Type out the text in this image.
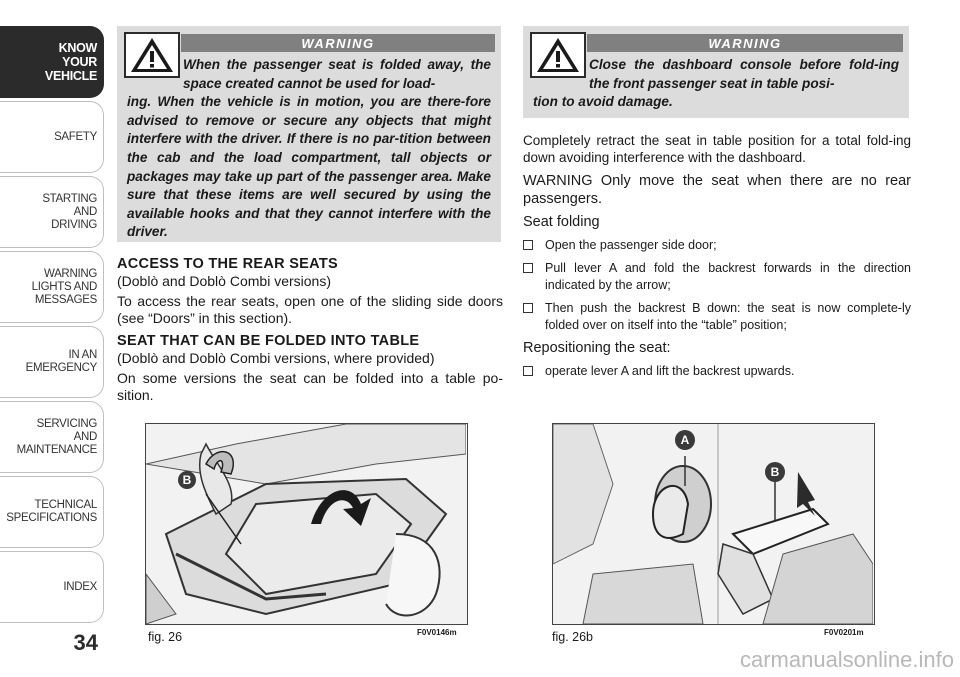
KNOW
YOUR
VEHICLE
SAFETY
STARTING
AND
DRIVING
WARNING
LIGHTS AND
MESSAGES
IN AN
EMERGENCY
SERVICING
AND
MAINTENANCE
TECHNICAL
SPECIFICATIONS
INDEX
34
WARNING
When the passenger seat is folded away, the space created cannot be used for load-
ing. When the vehicle is in motion, you are there-fore advised to remove or secure any objects that might interfere with the driver. If there is no par-tition between the cab and the load compartment, tall objects or packages may take up part of the passenger area. Make sure that these items are well secured by using the available hooks and that they cannot interfere with the driver.
ACCESS TO THE REAR SEATS
(Doblò and Doblò Combi versions)

To access the rear seats, open one of the sliding side doors (see “Doors” in this section).

SEAT THAT CAN BE FOLDED INTO TABLE
(Doblò and Doblò Combi versions, where provided)

On some versions the seat can be folded into a table po-sition.

B
fig. 26	F0V0146m
WARNING
Close the dashboard console before fold-ing the front passenger seat in table posi-
tion to avoid damage.

Completely retract the seat in table position for a total fold-ing down avoiding interference with the dashboard.

WARNING Only move the seat when there are no rear passengers.

Seat folding
Open the passenger side door;
Pull lever A and fold the backrest forwards in the direction indicated by the arrow;
Then push the backrest B down: the seat is now complete-ly folded over on itself into the “table” position;
Repositioning the seat:
operate lever A and lift the backrest upwards.
A
B
fig. 26b	F0V0201m
carmanualsonline.info
